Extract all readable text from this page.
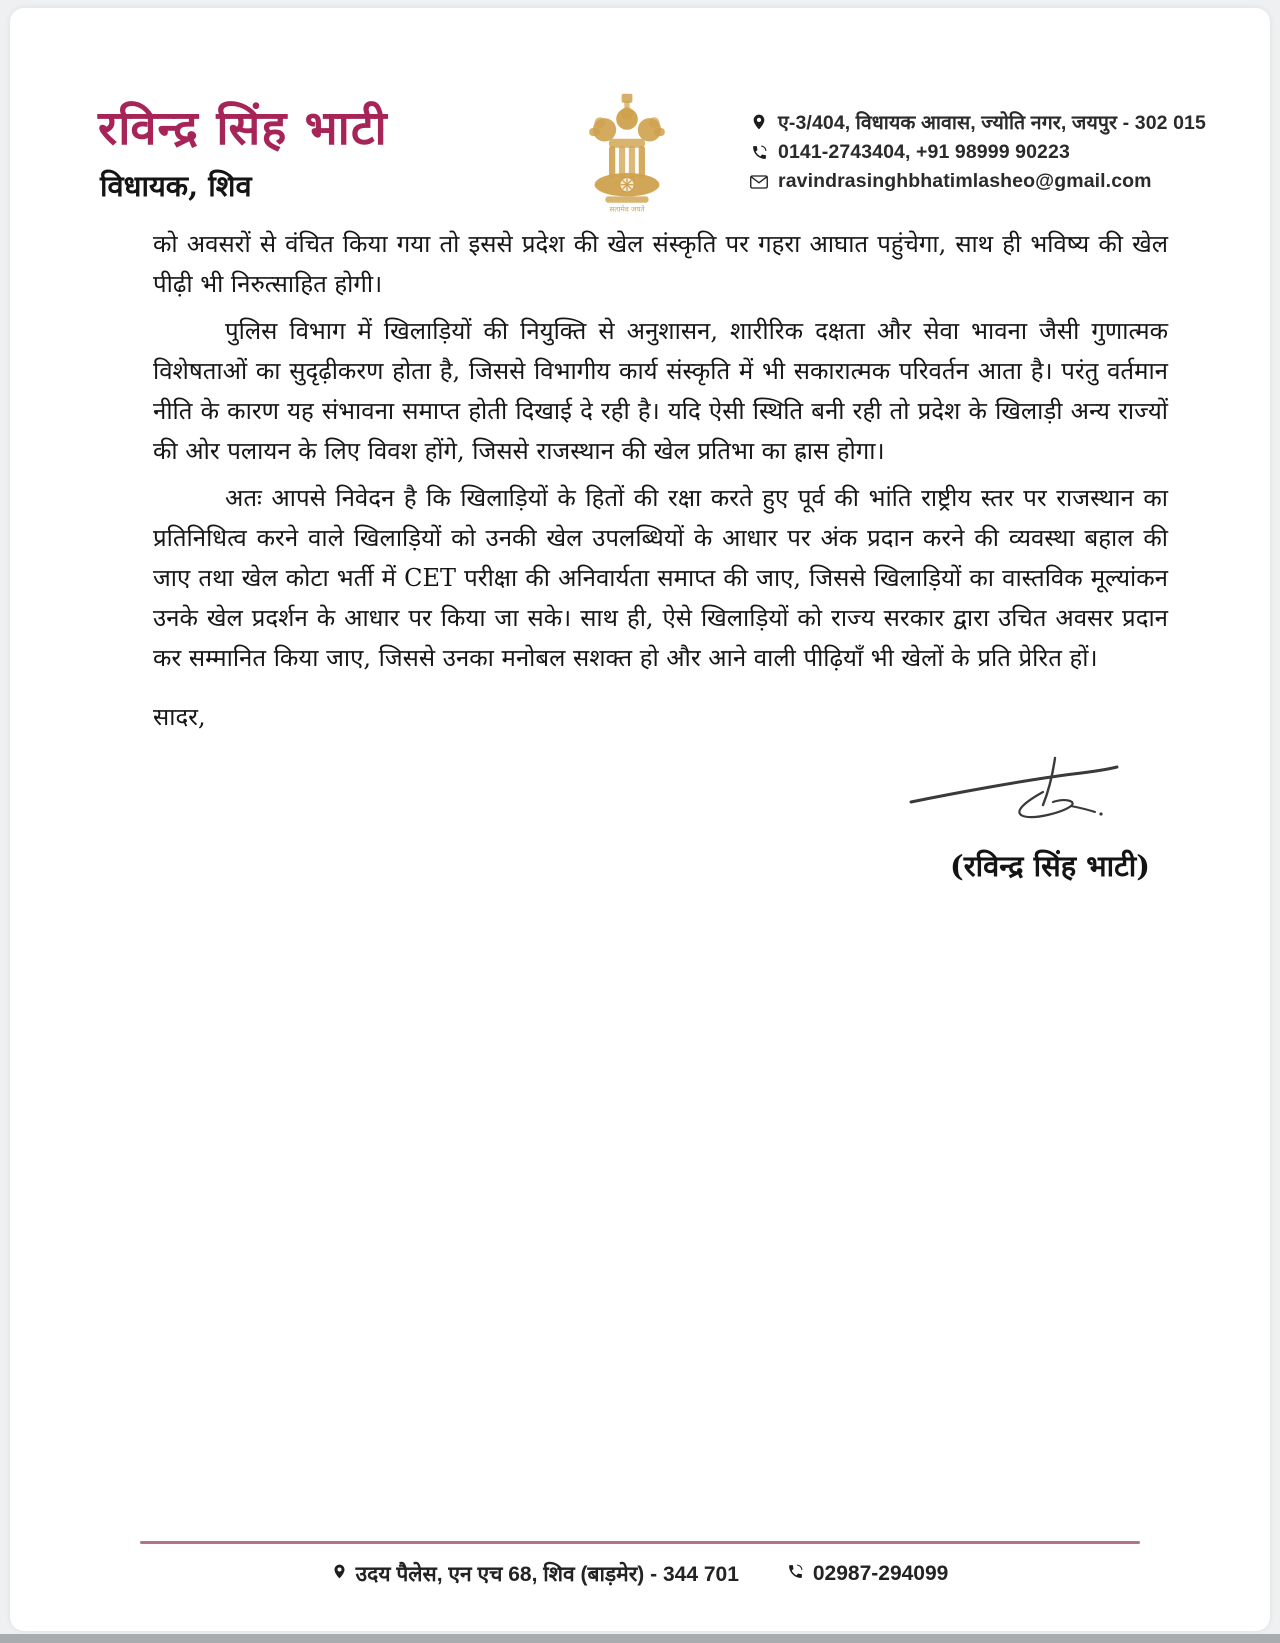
रविन्द्र सिंह भाटी
विधायक, शिव
सत्यमेव जयते
ए-3/404, विधायक आवास, ज्योति नगर, जयपुर - 302 015
0141-2743404, +91 98999 90223
ravindrasinghbhatimlasheo@gmail.com

को अवसरों से वंचित किया गया तो इससे प्रदेश की खेल संस्कृति पर गहरा आघात पहुंचेगा, साथ ही भविष्य की खेल पीढ़ी भी निरुत्साहित होगी।

पुलिस विभाग में खिलाड़ियों की नियुक्ति से अनुशासन, शारीरिक दक्षता और सेवा भावना जैसी गुणात्मक विशेषताओं का सुदृढ़ीकरण होता है, जिससे विभागीय कार्य संस्कृति में भी सकारात्मक परिवर्तन आता है। परंतु वर्तमान नीति के कारण यह संभावना समाप्त होती दिखाई दे रही है। यदि ऐसी स्थिति बनी रही तो प्रदेश के खिलाड़ी अन्य राज्यों की ओर पलायन के लिए विवश होंगे, जिससे राजस्थान की खेल प्रतिभा का ह्रास होगा।

अतः आपसे निवेदन है कि खिलाड़ियों के हितों की रक्षा करते हुए पूर्व की भांति राष्ट्रीय स्तर पर राजस्थान का प्रतिनिधित्व करने वाले खिलाड़ियों को उनकी खेल उपलब्धियों के आधार पर अंक प्रदान करने की व्यवस्था बहाल की जाए तथा खेल कोटा भर्ती में CET परीक्षा की अनिवार्यता समाप्त की जाए, जिससे खिलाड़ियों का वास्तविक मूल्यांकन उनके खेल प्रदर्शन के आधार पर किया जा सके। साथ ही, ऐसे खिलाड़ियों को राज्य सरकार द्वारा उचित अवसर प्रदान कर सम्मानित किया जाए, जिससे उनका मनोबल सशक्त हो और आने वाली पीढ़ियाँ भी खेलों के प्रति प्रेरित हों।

सादर,
(रविन्द्र सिंह भाटी)
उदय पैलेस, एन एच 68, शिव (बाड़मेर) - 344 701	02987-294099
